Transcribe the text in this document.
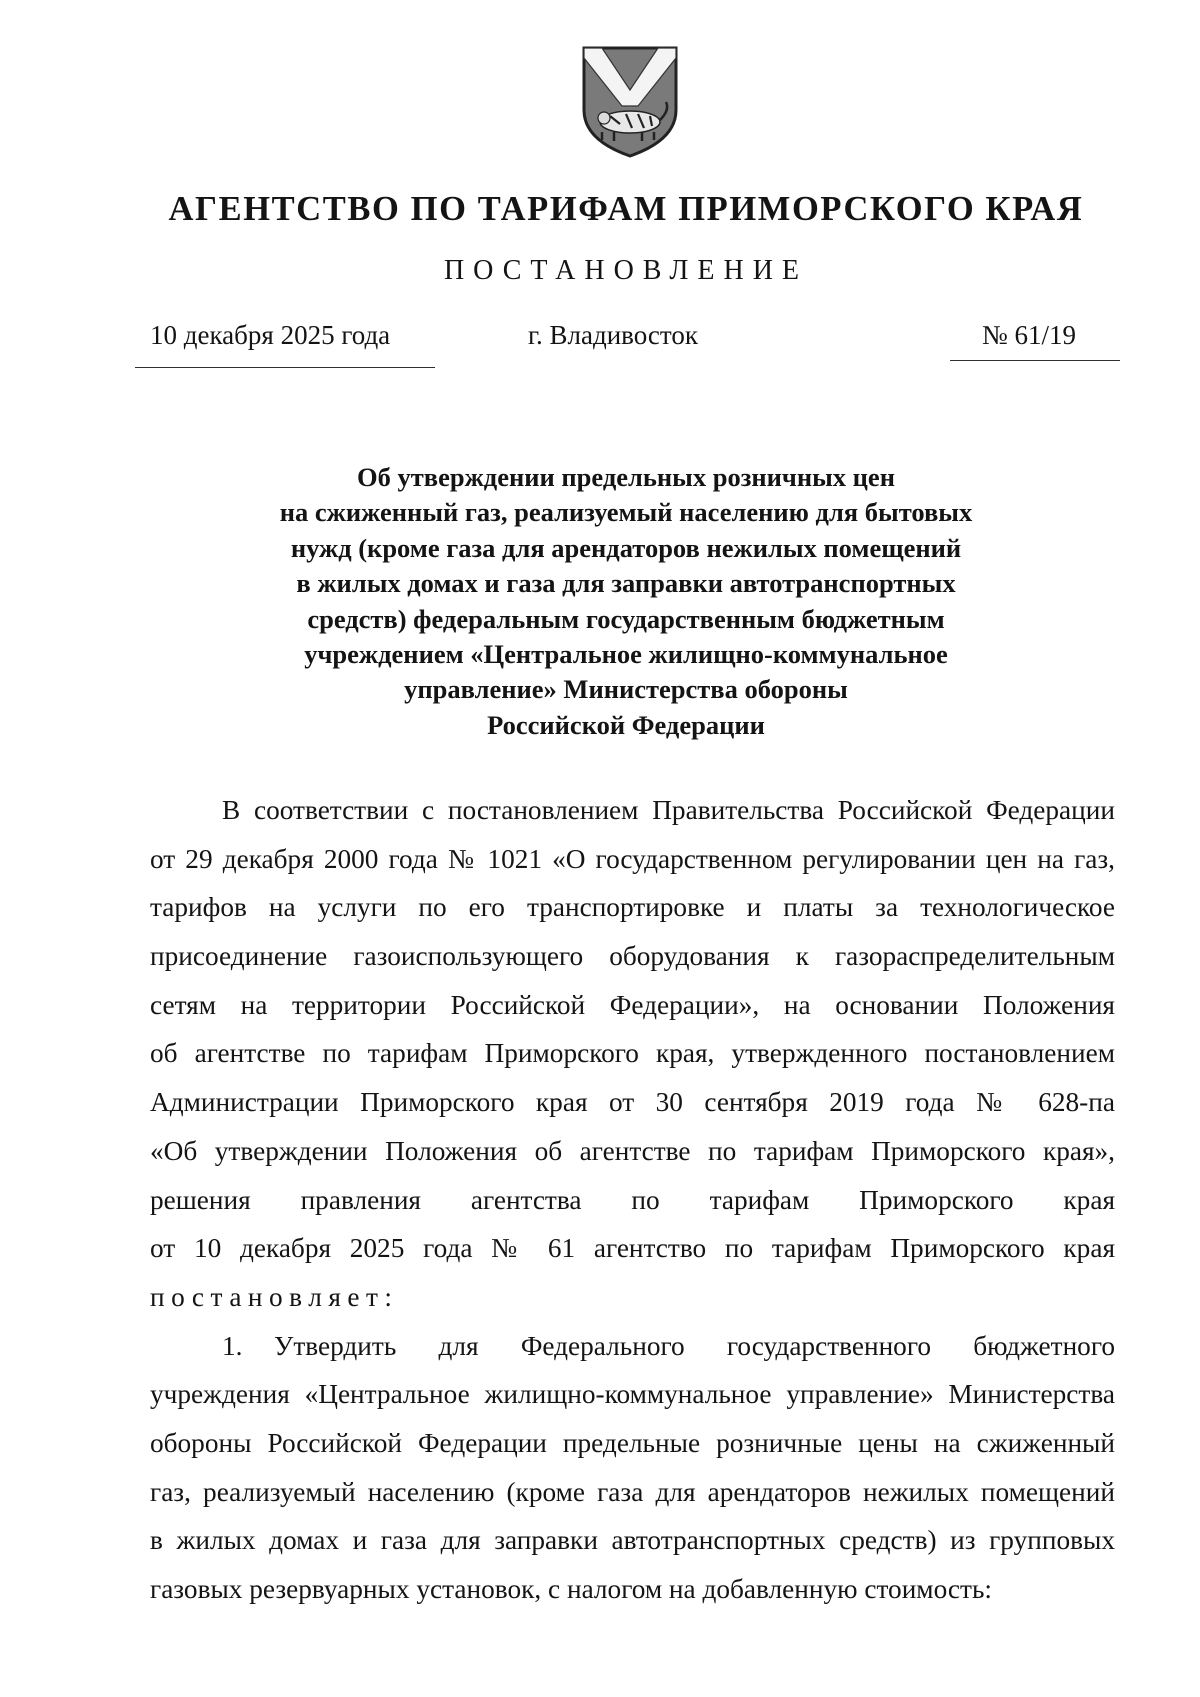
АГЕНТСТВО ПО ТАРИФАМ ПРИМОРСКОГО КРАЯ
ПОСТАНОВЛЕНИЕ
10 декабря 2025 года	г. Владивосток	№ 61/19
Об утверждении предельных розничных цен
на сжиженный газ, реализуемый населению для бытовых
нужд (кроме газа для арендаторов нежилых помещений
в жилых домах и газа для заправки автотранспортных
средств) федеральным государственным бюджетным
учреждением «Центральное жилищно-коммунальное
управление» Министерства обороны
Российской Федерации
В соответствии с постановлением Правительства Российской Федерации
от 29 декабря 2000 года № 1021 «О государственном регулировании цен на газ,
тарифов на услуги по его транспортировке и платы за технологическое
присоединение газоиспользующего оборудования к газораспределительным
сетям на территории Российской Федерации», на основании Положения
об агентстве по тарифам Приморского края, утвержденного постановлением
Администрации Приморского края от 30 сентября 2019 года № 628-па
«Об утверждении Положения об агентстве по тарифам Приморского края»,
решения правления агентства по тарифам Приморского края
от 10 декабря 2025 года № 61 агентство по тарифам Приморского края
постановляет:
1.	Утвердить для Федерального государственного бюджетного
учреждения «Центральное жилищно-коммунальное управление» Министерства
обороны Российской Федерации предельные розничные цены на сжиженный
газ, реализуемый населению (кроме газа для арендаторов нежилых помещений
в жилых домах и газа для заправки автотранспортных средств) из групповых
газовых резервуарных установок, с налогом на добавленную стоимость:
